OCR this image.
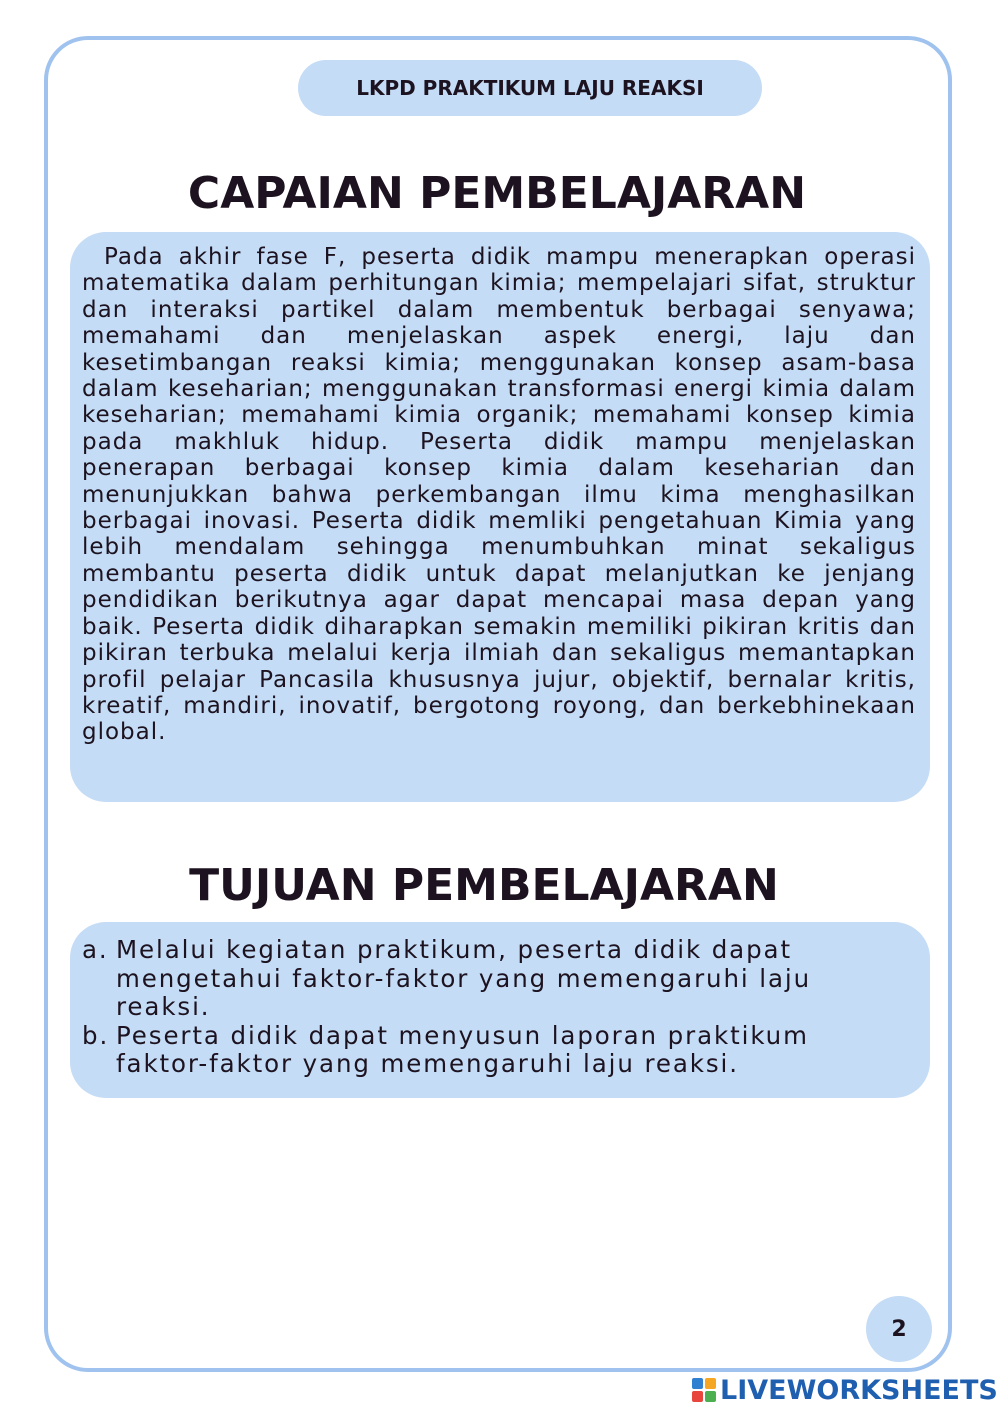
LKPD PRAKTIKUM LAJU REAKSI
CAPAIAN PEMBELAJARAN

Pada akhir fase F, peserta didik mampu menerapkan operasi matematika dalam perhitungan kimia; mempelajari sifat, struktur dan interaksi partikel dalam membentuk berbagai senyawa; memahami dan menjelaskan aspek energi, laju dan kesetimbangan reaksi kimia; menggunakan konsep asam-basa dalam keseharian; menggunakan transformasi energi kimia dalam keseharian; memahami kimia organik; memahami konsep kimia pada makhluk hidup. Peserta didik mampu menjelaskan penerapan berbagai konsep kimia dalam keseharian dan menunjukkan bahwa perkembangan ilmu kima menghasilkan berbagai inovasi. Peserta didik memliki pengetahuan Kimia yang lebih mendalam sehingga menumbuhkan minat sekaligus membantu peserta didik untuk dapat melanjutkan ke jenjang pendidikan berikutnya agar dapat mencapai masa depan yang baik. Peserta didik diharapkan semakin memiliki pikiran kritis dan pikiran terbuka melalui kerja ilmiah dan sekaligus memantapkan profil pelajar Pancasila khususnya jujur, objektif, bernalar kritis, kreatif, mandiri, inovatif, bergotong royong, dan berkebhinekaan global.

TUJUAN PEMBELAJARAN
a. Melalui kegiatan praktikum, peserta didik dapat mengetahui faktor-faktor yang memengaruhi laju reaksi.
b. Peserta didik dapat menyusun laporan praktikum faktor-faktor yang memengaruhi laju reaksi.
2
LIVEWORKSHEETS
